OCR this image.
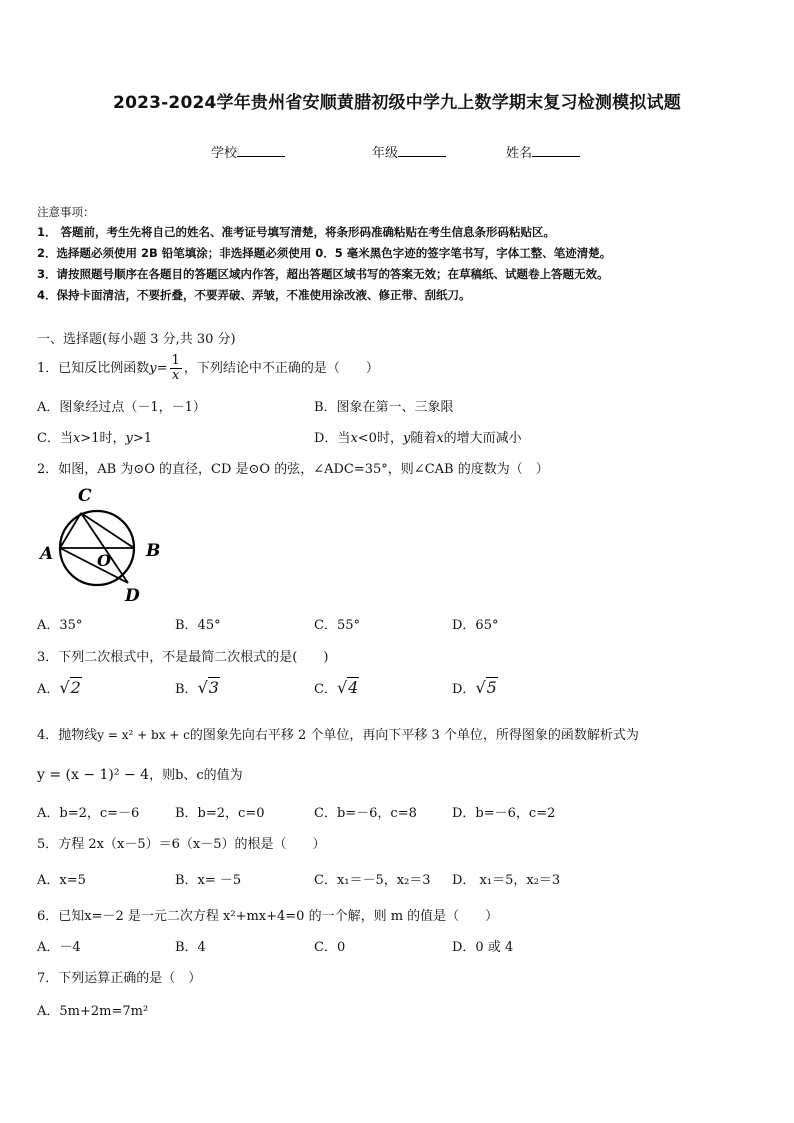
2023-2024学年贵州省安顺黄腊初级中学九上数学期末复习检测模拟试题
学校	年级	姓名
注意事项：
1． 答题前，考生先将自己的姓名、准考证号填写清楚，将条形码准确粘贴在考生信息条形码粘贴区。
2．选择题必须使用 2B 铅笔填涂；非选择题必须使用 0．5 毫米黑色字迹的签字笔书写，字体工整、笔迹清楚。
3．请按照题号顺序在各题目的答题区域内作答，超出答题区域书写的答案无效；在草稿纸、试题卷上答题无效。
4．保持卡面清洁，不要折叠，不要弄破、弄皱，不准使用涂改液、修正带、刮纸刀。
一、选择题(每小题 3 分,共 30 分)
1．已知反比例函数$y= \frac{1}{x}$ ，下列结论中不正确的是（　　）
A．图象经过点（－1，－1）	B．图象在第一、三象限
C．当x>1时，y>1	D．当x<0时，y随着x的增大而减小
2．如图，AB 为⊙O 的直径，CD 是⊙O 的弦，∠ADC=35°，则∠CAB 的度数为（　）
C
A	B
O
D
A．35°	B．45°	C．55°	D．65°
3．下列二次根式中，不是最简二次根式的是(　　)
A．√2	B．√3	C．√4	D．√5
4．抛物线y = x² + bx + c的图象先向右平移 2 个单位，再向下平移 3 个单位，所得图象的函数解析式为
y = (x − 1)² − 4，则b、c的值为
A．b=2，c=－6	B．b=2，c=0	C．b=－6，c=8	D．b=－6，c=2
5．方程 2x（x－5）＝6（x－5）的根是（　　）
A．x=5	B．x= －5	C．x₁＝－5，x₂＝3 D． x₁＝5，x₂＝3
6．已知x=－2 是一元二次方程 x²+mx+4=0 的一个解，则 m 的值是（　　）
A．－4	B．4	C．0	D．0 或 4
7．下列运算正确的是（　）
A．5m+2m=7m²
